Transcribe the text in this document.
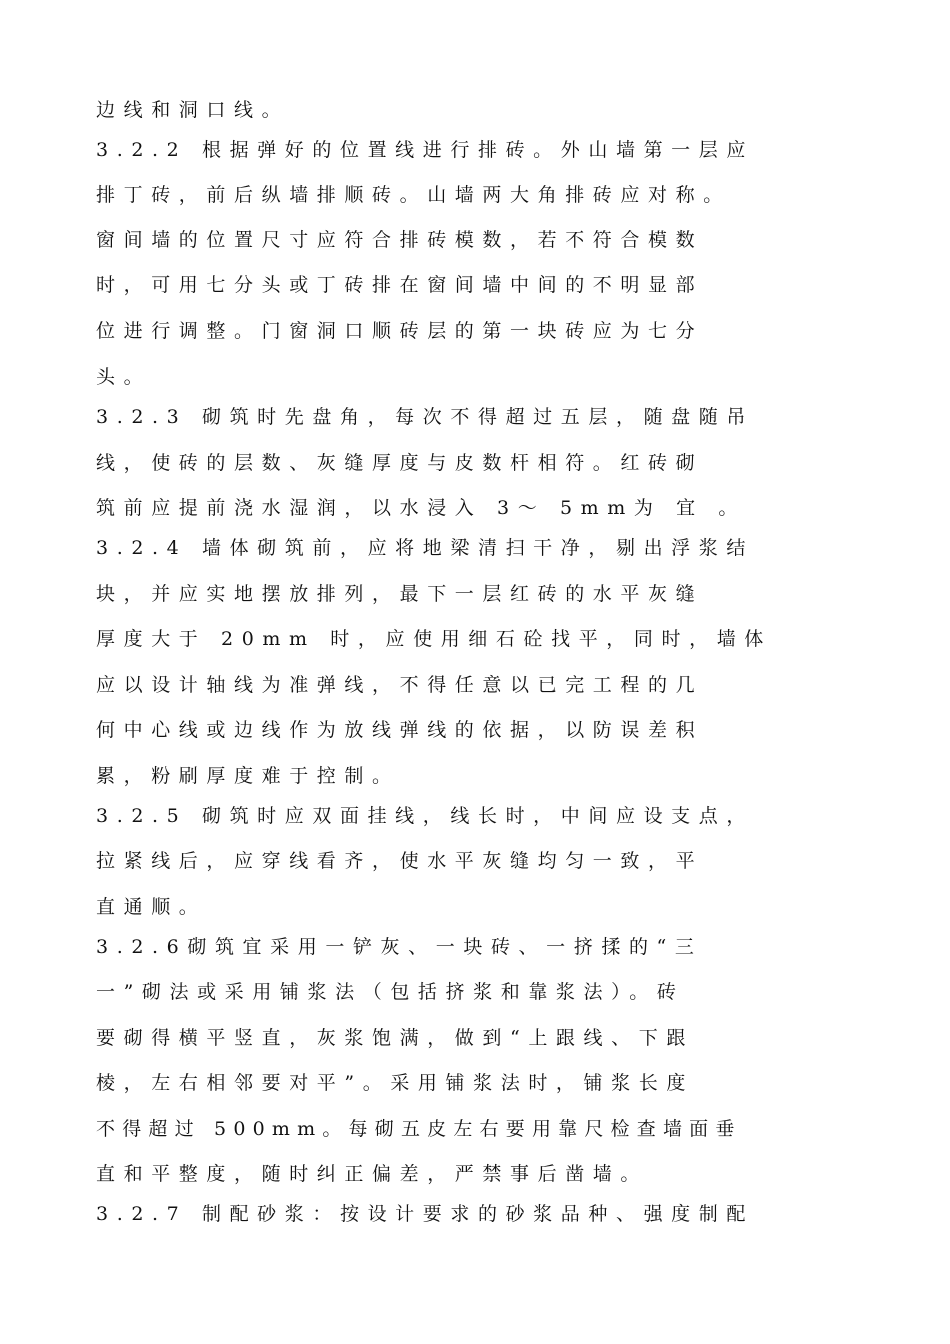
边线和洞口线。
3.2.2 根据弹好的位置线进行排砖。外山墙第一层应
排丁砖，前后纵墙排顺砖。山墙两大角排砖应对称。
窗间墙的位置尺寸应符合排砖模数，若不符合模数
时，可用七分头或丁砖排在窗间墙中间的不明显部
位进行调整。门窗洞口顺砖层的第一块砖应为七分
头。
3.2.3 砌筑时先盘角，每次不得超过五层，随盘随吊
线，使砖的层数、灰缝厚度与皮数杆相符。红砖砌
筑前应提前浇水湿润，以水浸入 3～ 5mm为 宜 。
3.2.4 墙体砌筑前，应将地梁清扫干净，剔出浮浆结
块，并应实地摆放排列，最下一层红砖的水平灰缝
厚度大于 20mm 时，应使用细石砼找平，同时，墙体
应以设计轴线为准弹线，不得任意以已完工程的几
何中心线或边线作为放线弹线的依据，以防误差积
累，粉刷厚度难于控制。
3.2.5 砌筑时应双面挂线，线长时，中间应设支点，
拉紧线后，应穿线看齐，使水平灰缝均匀一致，平
直通顺。
3.2.6砌筑宜采用一铲灰、一块砖、一挤揉的“三
一”砌法或采用铺浆法（包括挤浆和靠浆法）。砖
要砌得横平竖直，灰浆饱满，做到“上跟线、下跟
棱，左右相邻要对平”。采用铺浆法时，铺浆长度
不得超过 500mm。每砌五皮左右要用靠尺检查墙面垂
直和平整度，随时纠正偏差，严禁事后凿墙。
3.2.7 制配砂浆：按设计要求的砂浆品种、强度制配
